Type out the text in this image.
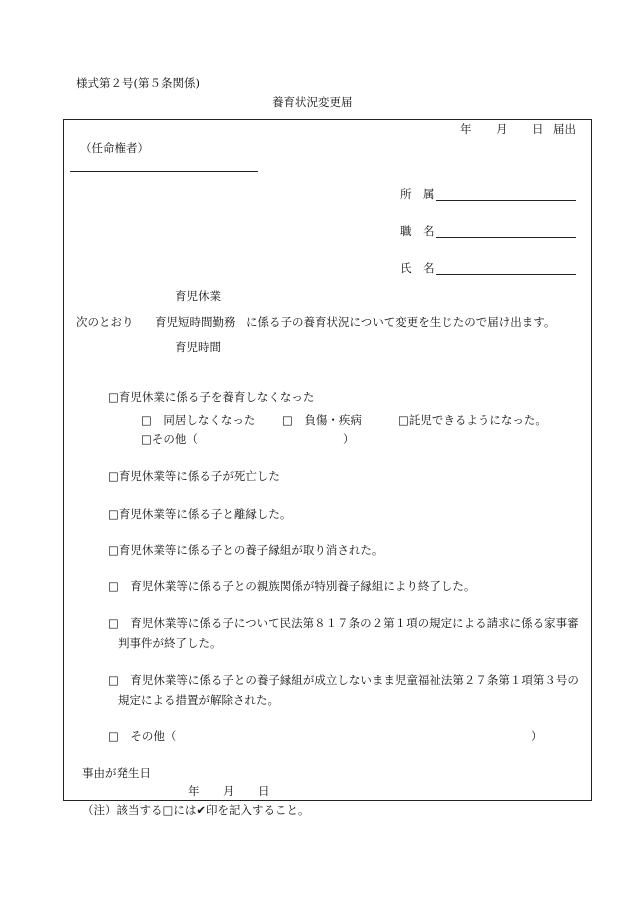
様式第２号(第５条関係)
養育状況変更届
年 月 日 届出
（任命権者）
所　属
職　名
氏　名
育児休業
次のとおり 育児短時間勤務 に係る子の養育状況について変更を生じたので届け出ます。
育児時間
□育児休業に係る子を養育しなくなった
□　同居しなくなった □　負傷・疾病	□託児できるようになった。
□その他（	）
□育児休業等に係る子が死亡した
□育児休業等に係る子と離縁した。
□育児休業等に係る子との養子縁組が取り消された。
□　育児休業等に係る子との親族関係が特別養子縁組により終了した。
□　育児休業等に係る子について民法第８１７条の２第１項の規定による請求に係る家事審
判事件が終了した。
□　育児休業等に係る子との養子縁組が成立しないまま児童福祉法第２７条第１項第３号の
規定による措置が解除された。
□　その他（	）
事由が発生日
年 月 日
（注）該当する□には✔印を記入すること。
